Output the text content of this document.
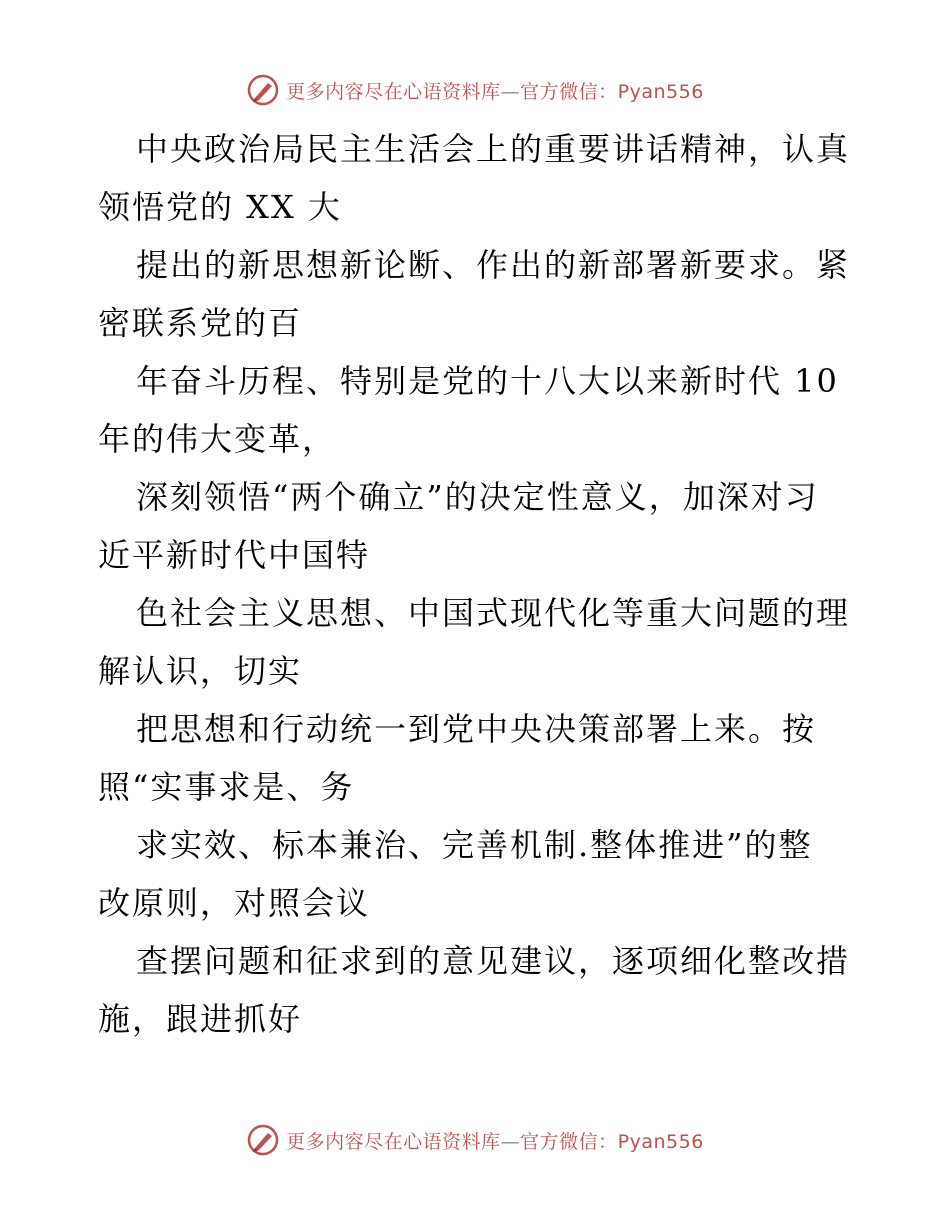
更多内容尽在心语资料库—官方微信：Pyan556
中央政治局民主生活会上的重要讲话精神，认真
领悟党的 XX 大
提出的新思想新论断、作出的新部署新要求。紧
密联系党的百
年奋斗历程、特别是党的十八大以来新时代 10
年的伟大变革，
深刻领悟“两个确立”的决定性意义，加深对习
近平新时代中国特
色社会主义思想、中国式现代化等重大问题的理
解认识，切实
把思想和行动统一到党中央决策部署上来。按
照“实事求是、务
求实效、标本兼治、完善机制.整体推进”的整
改原则，对照会议
查摆问题和征求到的意见建议，逐项细化整改措
施，跟进抓好
更多内容尽在心语资料库—官方微信：Pyan556
